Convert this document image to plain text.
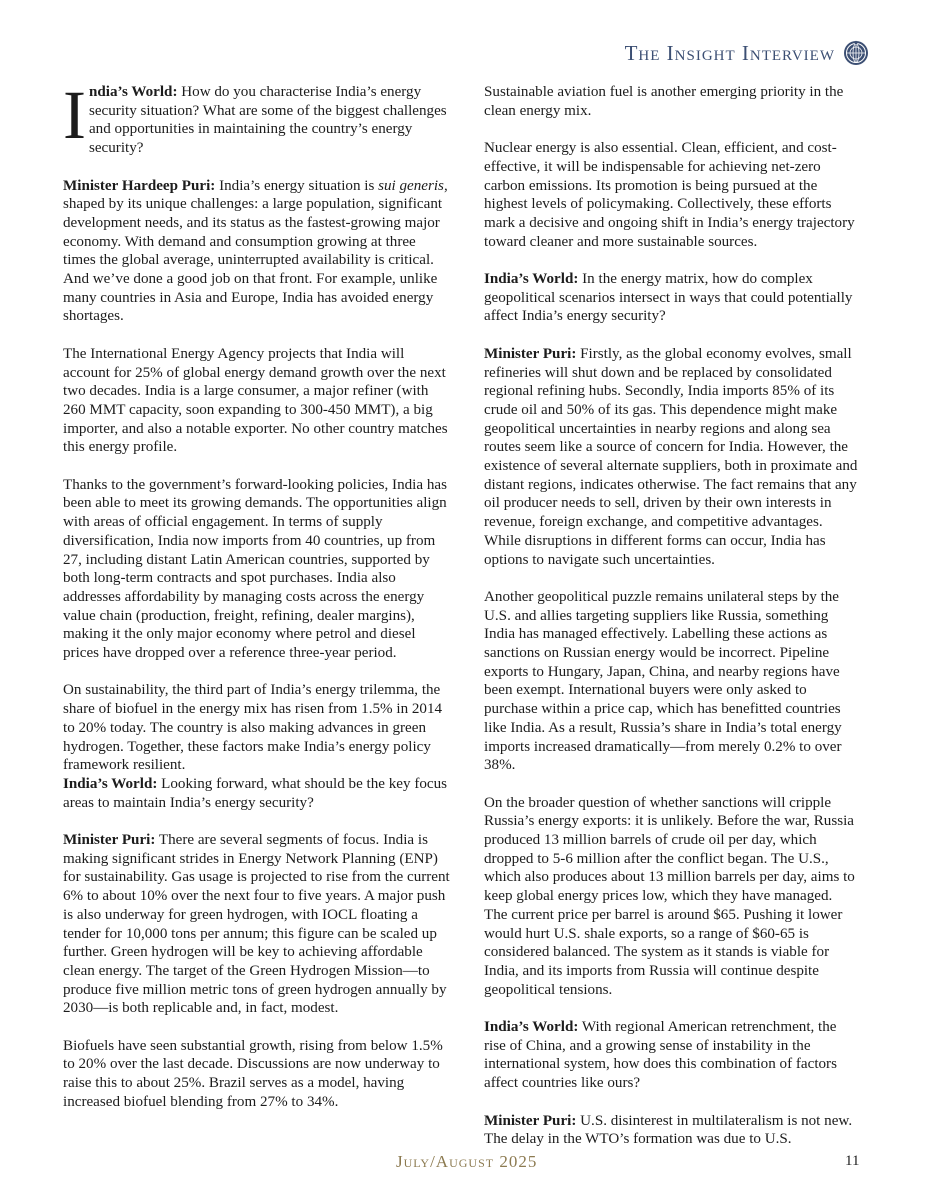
The Insight Interview

India’s World: How do you characterise India’s energy security situation? What are some of the biggest challenges and opportunities in maintaining the country’s energy security?

Minister Hardeep Puri: India’s energy situation is sui generis, shaped by its unique challenges: a large population, significant development needs, and its status as the fastest-growing major economy. With demand and consumption growing at three times the global average, uninterrupted availability is critical. And we’ve done a good job on that front. For example, unlike many countries in Asia and Europe, India has avoided energy shortages.

The International Energy Agency projects that India will account for 25% of global energy demand growth over the next two decades. India is a large consumer, a major refiner (with 260 MMT capacity, soon expanding to 300-450 MMT), a big importer, and also a notable exporter. No other country matches this energy profile.

Thanks to the government’s forward-looking policies, India has been able to meet its growing demands. The opportunities align with areas of official engagement. In terms of supply diversification, India now imports from 40 countries, up from 27, including distant Latin American countries, supported by both long-term contracts and spot purchases. India also addresses affordability by managing costs across the energy value chain (production, freight, refining, dealer margins), making it the only major economy where petrol and diesel prices have dropped over a reference three-year period.

On sustainability, the third part of India’s energy trilemma, the share of biofuel in the energy mix has risen from 1.5% in 2014 to 20% today. The country is also making advances in green hydrogen. Together, these factors make India’s energy policy framework resilient.

India’s World: Looking forward, what should be the key focus areas to maintain India’s energy security?

Minister Puri: There are several segments of focus. India is making significant strides in Energy Network Planning (ENP) for sustainability. Gas usage is projected to rise from the current 6% to about 10% over the next four to five years. A major push is also underway for green hydrogen, with IOCL floating a tender for 10,000 tons per annum; this figure can be scaled up further. Green hydrogen will be key to achieving affordable clean energy. The target of the Green Hydrogen Mission—to produce five million metric tons of green hydrogen annually by 2030—is both replicable and, in fact, modest.

Biofuels have seen substantial growth, rising from below 1.5% to 20% over the last decade. Discussions are now underway to raise this to about 25%. Brazil serves as a model, having increased biofuel blending from 27% to 34%.

Sustainable aviation fuel is another emerging priority in the clean energy mix.

Nuclear energy is also essential. Clean, efficient, and cost-effective, it will be indispensable for achieving net-zero carbon emissions. Its promotion is being pursued at the highest levels of policymaking. Collectively, these efforts mark a decisive and ongoing shift in India’s energy trajectory toward cleaner and more sustainable sources.

India’s World: In the energy matrix, how do complex geopolitical scenarios intersect in ways that could potentially affect India’s energy security?

Minister Puri: Firstly, as the global economy evolves, small refineries will shut down and be replaced by consolidated regional refining hubs. Secondly, India imports 85% of its crude oil and 50% of its gas. This dependence might make geopolitical uncertainties in nearby regions and along sea routes seem like a source of concern for India. However, the existence of several alternate suppliers, both in proximate and distant regions, indicates otherwise. The fact remains that any oil producer needs to sell, driven by their own interests in revenue, foreign exchange, and competitive advantages. While disruptions in different forms can occur, India has options to navigate such uncertainties.

Another geopolitical puzzle remains unilateral steps by the U.S. and allies targeting suppliers like Russia, something India has managed effectively. Labelling these actions as sanctions on Russian energy would be incorrect. Pipeline exports to Hungary, Japan, China, and nearby regions have been exempt. International buyers were only asked to purchase within a price cap, which has benefitted countries like India. As a result, Russia’s share in India’s total energy imports increased dramatically—from merely 0.2% to over 38%.

On the broader question of whether sanctions will cripple Russia’s energy exports: it is unlikely. Before the war, Russia produced 13 million barrels of crude oil per day, which dropped to 5-6 million after the conflict began. The U.S., which also produces about 13 million barrels per day, aims to keep global energy prices low, which they have managed. The current price per barrel is around $65. Pushing it lower would hurt U.S. shale exports, so a range of $60-65 is considered balanced. The system as it stands is viable for India, and its imports from Russia will continue despite geopolitical tensions.

India’s World: With regional American retrenchment, the rise of China, and a growing sense of instability in the international system, how does this combination of factors affect countries like ours?

Minister Puri: U.S. disinterest in multilateralism is not new. The delay in the WTO’s formation was due to U.S.

July/August 2025	11
